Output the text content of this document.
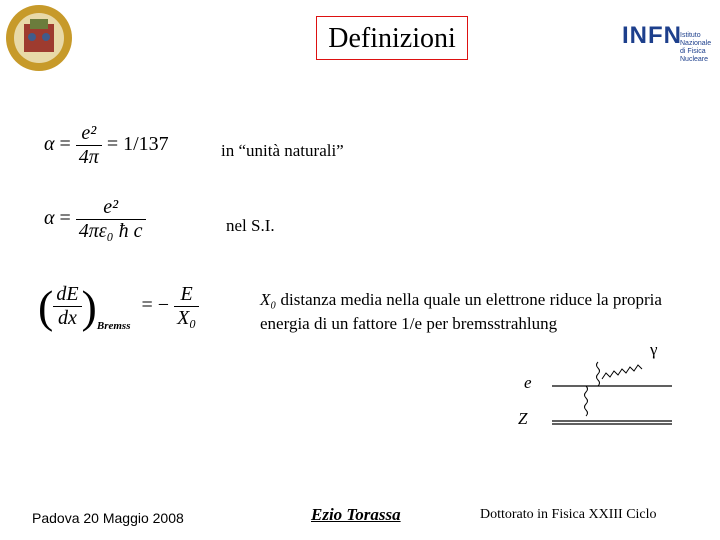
INFN
Istituto Nazionale
di Fisica Nucleare
Definizioni
$\alpha = \frac{\text{e²}}{4\pi} = 1/137$
$\alpha = \frac{\text{e²}}{\text{4πε₀ ħ c}}$
( $\frac{dE}{dx} )_{Bremss}$ = − $\frac{E}{\text{X₀}}$
in “unità naturali”
nel S.I.
X₀ distanza media nella quale un elettrone riduce la propria energia di un fattore 1/e per bremsstrahlung
e
Z
γ
Padova 20 Maggio 2008	Ezio Torassa	Dottorato in Fisica XXIII Ciclo
